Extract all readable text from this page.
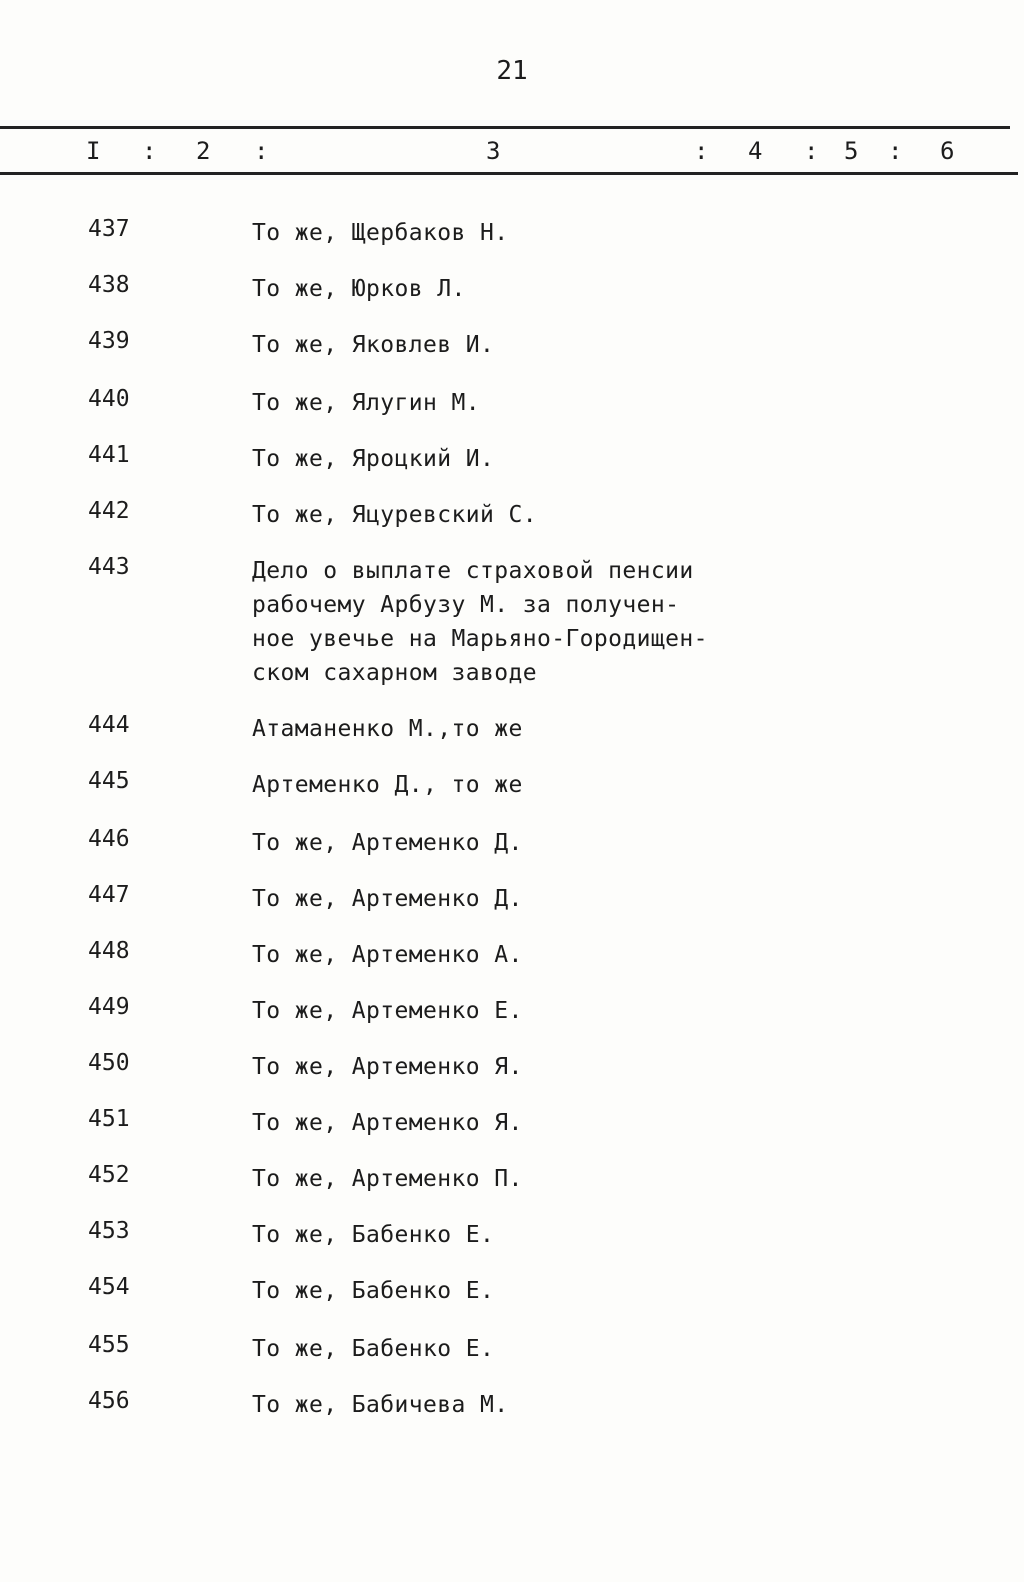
21
I : 2 :	3	: 4 : 5 : 6
437	То же, Щербаков Н.
438	То же, Юрков Л.
439	То же, Яковлев И.
440	То же, Ялугин М.
441	То же, Яроцкий И.
442	То же, Яцуревский С.
443	Дело о выплате страховой пенсии
рабочему Арбузу М. за получен-
ное увечье на Марьяно-Городищен-
ском сахарном заводе
444	Атаманенко М.,то же
445	Артеменко Д., то же
446	То же, Артеменко Д.
447	То же, Артеменко Д.
448	То же, Артеменко А.
449	То же, Артеменко Е.
450	То же, Артеменко Я.
451	То же, Артеменко Я.
452	То же, Артеменко П.
453	То же, Бабенко Е.
454	То же, Бабенко Е.
455	То же, Бабенко Е.
456	То же, Бабичева М.
